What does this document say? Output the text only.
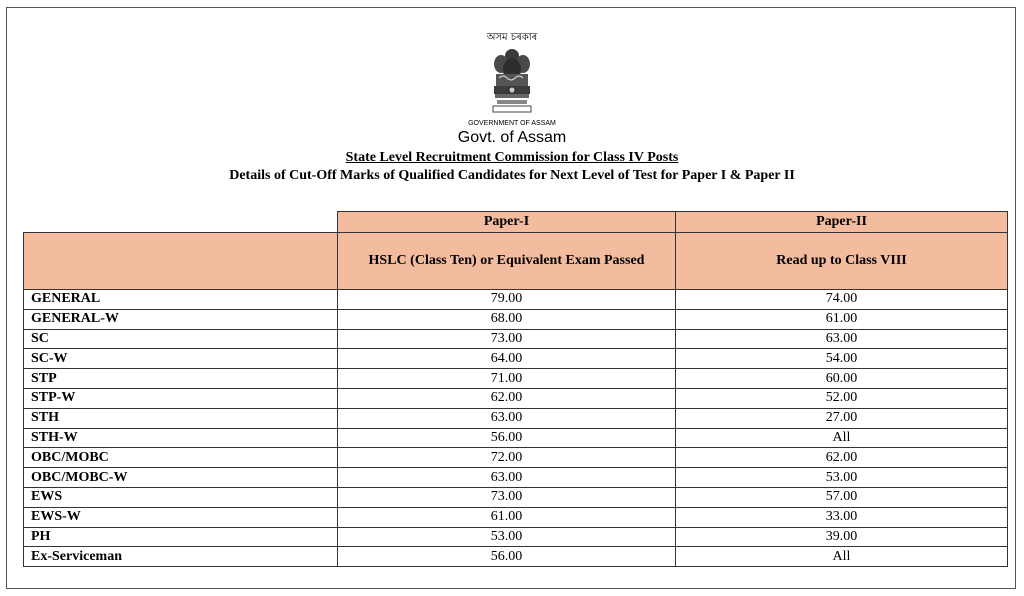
অসম চৰকাৰ
GOVERNMENT OF ASSAM
Govt. of Assam
State Level Recruitment Commission for Class IV Posts
Details of Cut-Off Marks of Qualified Candidates for Next Level of Test for Paper I & Paper II
	Paper-I	Paper-II
	HSLC (Class Ten) or Equivalent Exam Passed	Read up to Class VIII
GENERAL	79.00	74.00
GENERAL-W	68.00	61.00
SC	73.00	63.00
SC-W	64.00	54.00
STP	71.00	60.00
STP-W	62.00	52.00
STH	63.00	27.00
STH-W	56.00	All
OBC/MOBC	72.00	62.00
OBC/MOBC-W	63.00	53.00
EWS	73.00	57.00
EWS-W	61.00	33.00
PH	53.00	39.00
Ex-Serviceman	56.00	All
